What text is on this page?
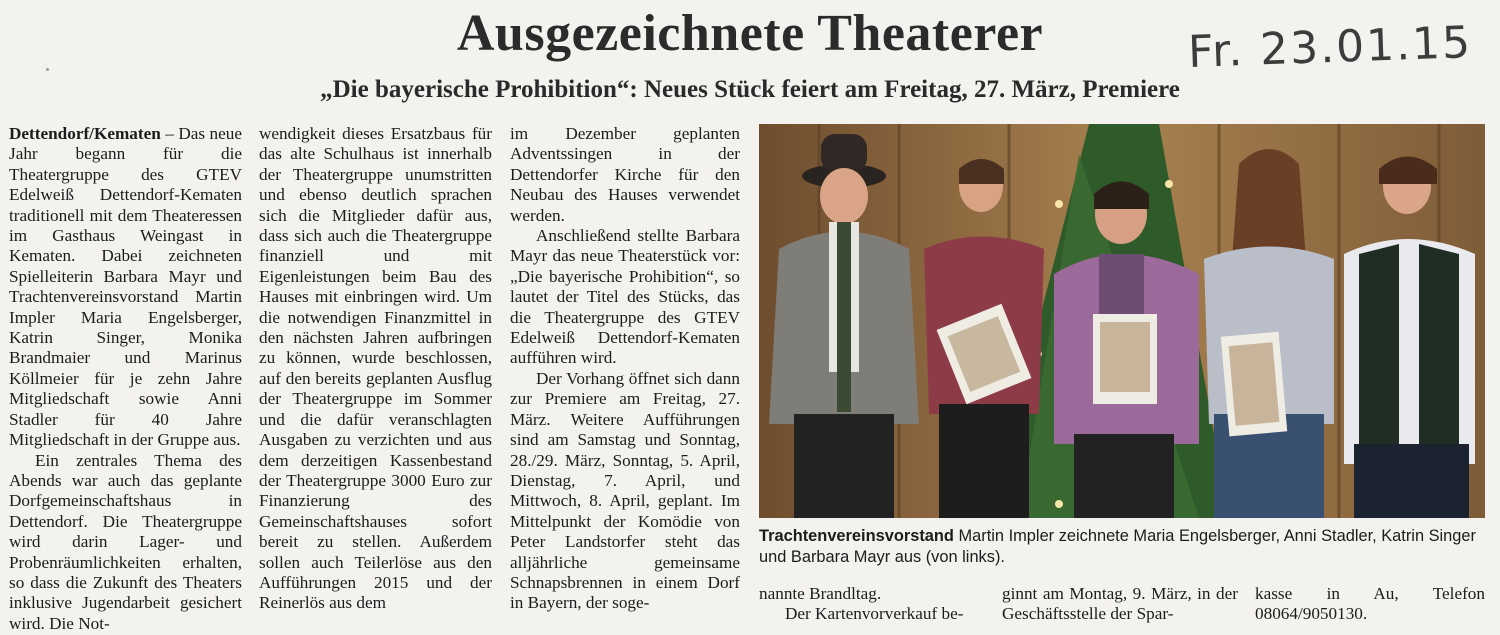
Ausgezeichnete Theaterer	Fr. 23.01.15
„Die bayerische Prohibition“: Neues Stück feiert am Freitag, 27. März, Premiere

Dettendorf/Kematen – Das neue Jahr begann für die Theatergruppe des GTEV Edelweiß Dettendorf-Kematen traditionell mit dem Theateressen im Gasthaus Weingast in Kematen. Dabei zeichneten Spielleiterin Barbara Mayr und Trachtenvereinsvorstand Martin Impler Maria Engelsberger, Katrin Singer, Monika Brandmaier und Marinus Köllmeier für je zehn Jahre Mitgliedschaft sowie Anni Stadler für 40 Jahre Mitgliedschaft in der Gruppe aus.

Ein zentrales Thema des Abends war auch das geplante Dorfgemeinschaftshaus in Dettendorf. Die Theatergruppe wird darin Lager- und Probenräumlichkeiten erhalten, so dass die Zukunft des Theaters inklusive Jugendarbeit gesichert wird. Die Not-

wendigkeit dieses Ersatzbaus für das alte Schulhaus ist innerhalb der Theatergruppe unumstritten und ebenso deutlich sprachen sich die Mitglieder dafür aus, dass sich auch die Theatergruppe finanziell und mit Eigenleistungen beim Bau des Hauses mit einbringen wird. Um die notwendigen Finanzmittel in den nächsten Jahren aufbringen zu können, wurde beschlossen, auf den bereits geplanten Ausflug der Theatergruppe im Sommer und die dafür veranschlagten Ausgaben zu verzichten und aus dem derzeitigen Kassenbestand der Theatergruppe 3000 Euro zur Finanzierung des Gemeinschaftshauses sofort bereit zu stellen. Außerdem sollen auch Teilerlöse aus den Aufführungen 2015 und der Reinerlös aus dem

im Dezember geplanten Adventssingen in der Dettendorfer Kirche für den Neubau des Hauses verwendet werden.

Anschließend stellte Barbara Mayr das neue Theaterstück vor: „Die bayerische Prohibition“, so lautet der Titel des Stücks, das die Theatergruppe des GTEV Edelweiß Dettendorf-Kematen aufführen wird.

Der Vorhang öffnet sich dann zur Premiere am Freitag, 27. März. Weitere Aufführungen sind am Samstag und Sonntag, 28./29. März, Sonntag, 5. April, Dienstag, 7. April, und Mittwoch, 8. April, geplant. Im Mittelpunkt der Komödie von Peter Landstorfer steht das alljährliche gemeinsame Schnapsbrennen in einem Dorf in Bayern, der soge-

Trachtenvereinsvorstand Martin Impler zeichnete Maria Engelsberger, Anni Stadler, Katrin Singer und Barbara Mayr aus (von links).

nannte Brandltag.

Der Kartenvorverkauf be-

ginnt am Montag, 9. März, in der Geschäftsstelle der Spar-

kasse in Au, Telefon 08064/9050130.
